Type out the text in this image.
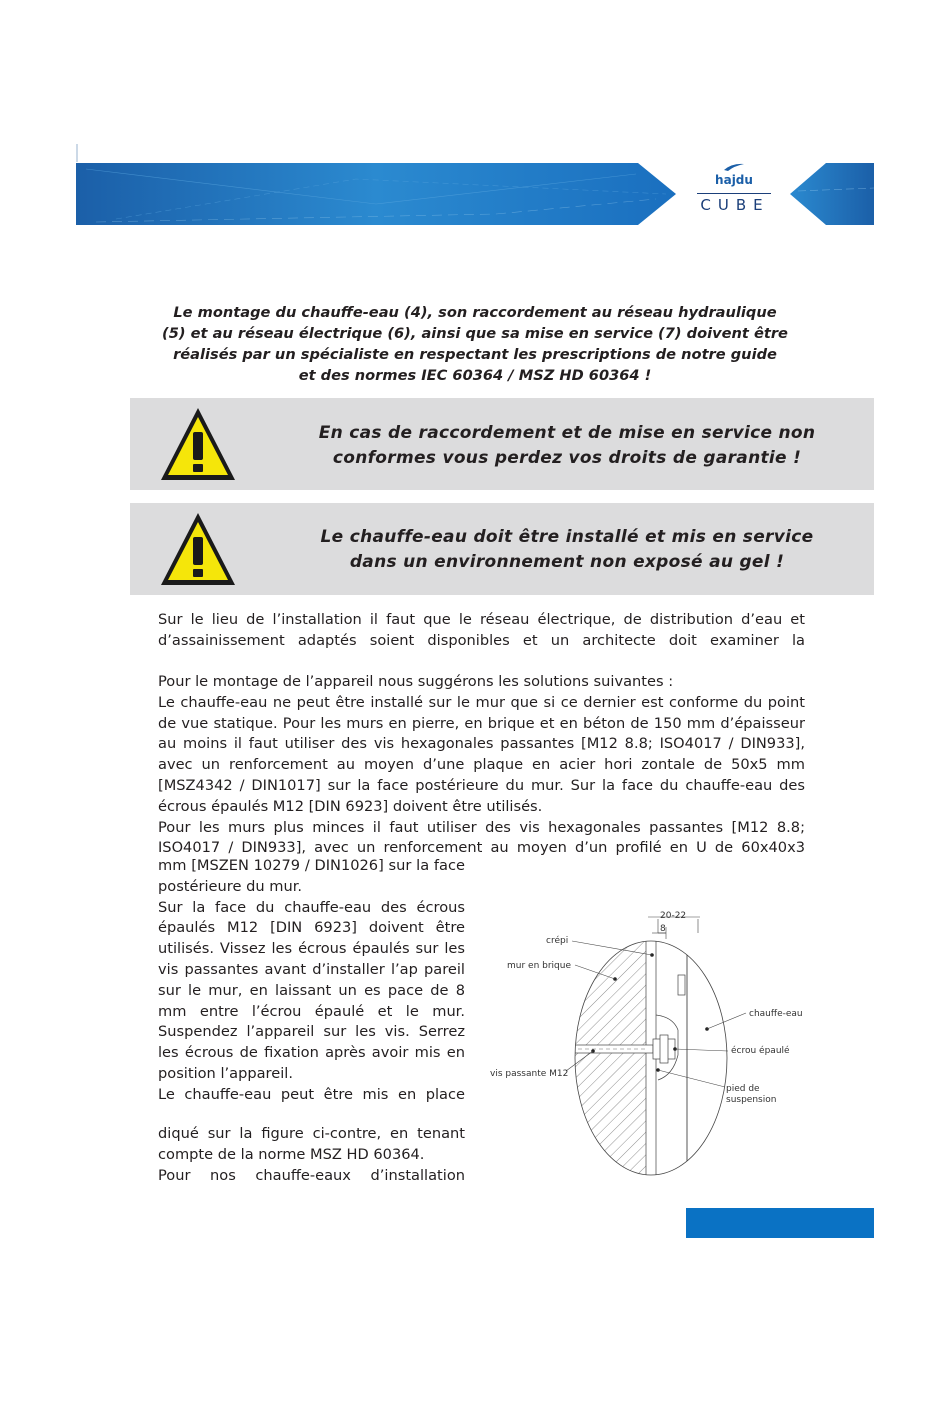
hajdu
CUBE
Le montage du chauffe-eau (4), son raccordement au réseau hydraulique
(5) et au réseau électrique (6), ainsi que sa mise en service (7) doivent être
réalisés par un spécialiste en respectant les prescriptions de notre guide
et des normes IEC 60364 / MSZ HD 60364 !
En cas de raccordement et de mise en service non
conformes vous perdez vos droits de garantie !
Le chauffe-eau doit être installé et mis en service
dans un environnement non exposé au gel !

Sur le lieu de l’installation il faut que le réseau électrique, de distribution d’eau et d’assainissement adaptés soient disponibles et un architecte doit examiner la

Pour le montage de l’appareil nous suggérons les solutions suivantes :

Le chauffe-eau ne peut être installé sur le mur que si ce dernier est conforme du point de vue statique. Pour les murs en pierre, en brique et en béton de 150 mm d’épaisseur au moins il faut utiliser des vis hexagonales passantes [M12 8.8; ISO4017 / DIN933], avec un renforcement au moyen d’une plaque en acier hori zontale de 50x5 mm [MSZ4342 / DIN1017] sur la face postérieure du mur. Sur la face du chauffe-eau des écrous épaulés M12 [DIN 6923] doivent être utilisés.

Pour les murs plus minces il faut utiliser des vis hexagonales passantes [M12 8.8; ISO4017 / DIN933], avec un renforcement au moyen d’un profilé en U de 60x40x3

mm [MSZEN 10279 / DIN1026] sur la face postérieure du mur.

Sur la face du chauffe-eau des écrous épaulés M12 [DIN 6923] doivent être utilisés. Vissez les écrous épaulés sur les vis passantes avant d’installer l’ap pareil sur le mur, en laissant un es pace de 8 mm entre l’écrou épaulé et le mur. Suspendez l’appareil sur les vis. Serrez les écrous de fixation après avoir mis en position l’appareil.

Le chauffe-eau peut être mis en place

diqué sur la figure ci-contre, en tenant compte de la norme MSZ HD 60364.

Pour nos chauffe-eaux d’installation

20-22
8
crépi
mur en brique
chauffe-eau
écrou épaulé
vis passante M12
pied de
suspension
